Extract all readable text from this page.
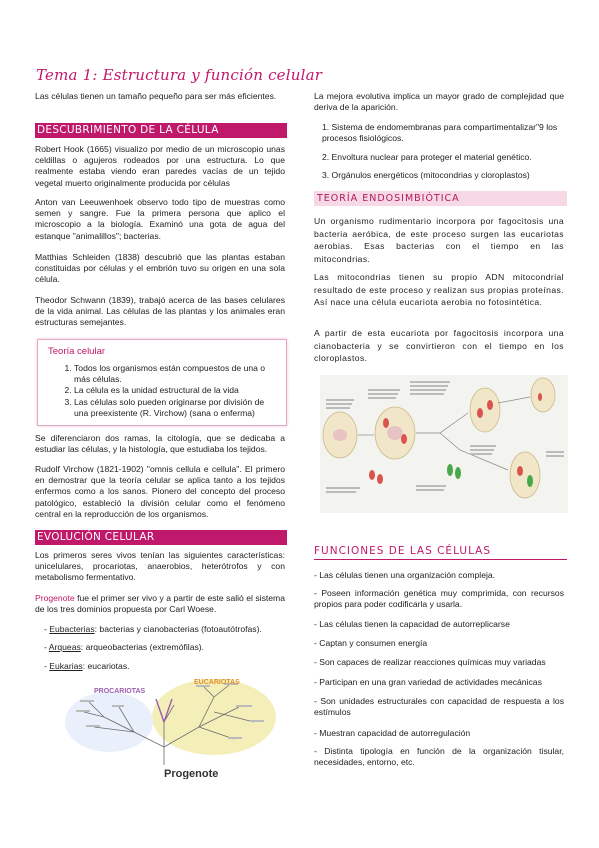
Tema 1: Estructura y función celular

Las células tienen un tamaño pequeño para ser más eficientes.

DESCUBRIMIENTO DE LA CÉLULA

Robert Hook (1665) visualizo por medio de un microscopio unas celdillas o agujeros rodeados por una estructura. Lo que realmente estaba viendo eran paredes vacías de un tejido vegetal muerto originalmente producida por células

Anton van Leeuwenhoek observo todo tipo de muestras como semen y sangre. Fue la primera persona que aplico el microscopio a la biología. Examinó una gota de agua del estanque "animalillos"; bacterias.

Matthias Schleiden (1838) descubrió que las plantas estaban constituidas por células y el embrión tuvo su origen en una sola célula.

Theodor Schwann (1839), trabajó acerca de las bases celulares de la vida animal. Las células de las plantas y los animales eran estructuras semejantes.

Teoría celular
1. Todos los organismos están compuestos de una o más células.
2. La célula es la unidad estructural de la vida
3. Las células solo pueden originarse por división de una preexistente (R. Virchow) (sana o enferma)

Se diferenciaron dos ramas, la citología, que se dedicaba a estudiar las células, y la histología, que estudiaba los tejidos.

Rudolf Virchow (1821-1902) "omnis cellula e cellula". El primero en demostrar que la teoría celular se aplica tanto a los tejidos enfermos como a los sanos. Pionero del concepto del proceso patológico, estableció la división celular como el fenómeno central en la reproducción de los organismos.

EVOLUCIÓN CELULAR

Los primeros seres vivos tenían las siguientes características: unicelulares, procariotas, anaerobios, heterótrofos y con metabolismo fermentativo.

Progenote fue el primer ser vivo y a partir de este salió el sistema de los tres dominios propuesta por Carl Woese.

- Eubacterias: bacterias y cianobacterias (fotoautótrofas).
- Arqueas: arqueobacterias (extremófilas).
- Eukarias: eucariotas.
PROCARIOTAS
EUCARIOTAS
Progenote

La mejora evolutiva implica un mayor grado de complejidad que deriva de la aparición.

1. Sistema de endomembranas para compartimentalizar"9 los procesos fisiológicos.

2. Envoltura nuclear para proteger el material genético.

3. Orgánulos energéticos (mitocondrias y cloroplastos)

TEORÍA ENDOSIMBIÓTICA

Un organismo rudimentario incorpora por fagocitosis una bacteria aeróbica, de este proceso surgen las eucariotas aerobias. Esas bacterias con el tiempo en las mitocondrias.

Las mitocondrias tienen su propio ADN mitocondrial resultado de este proceso y realizan sus propias proteínas. Así nace una célula eucariota aerobia no fotosintética.

A partir de esta eucariota por fagocitosis incorpora una cianobacteria y se convirtieron con el tiempo en los cloroplastos.

FUNCIONES DE LAS CÉLULAS

- Las células tienen una organización compleja.

- Poseen información genética muy comprimida, con recursos propios para poder codificarla y usarla.

- Las células tienen la capacidad de autorreplicarse

- Captan y consumen energía

- Son capaces de realizar reacciones químicas muy variadas

- Participan en una gran variedad de actividades mecánicas

- Son unidades estructurales con capacidad de respuesta a los estímulos

- Muestran capacidad de autorregulación

- Distinta tipología en función de la organización tisular, necesidades, entorno, etc.
